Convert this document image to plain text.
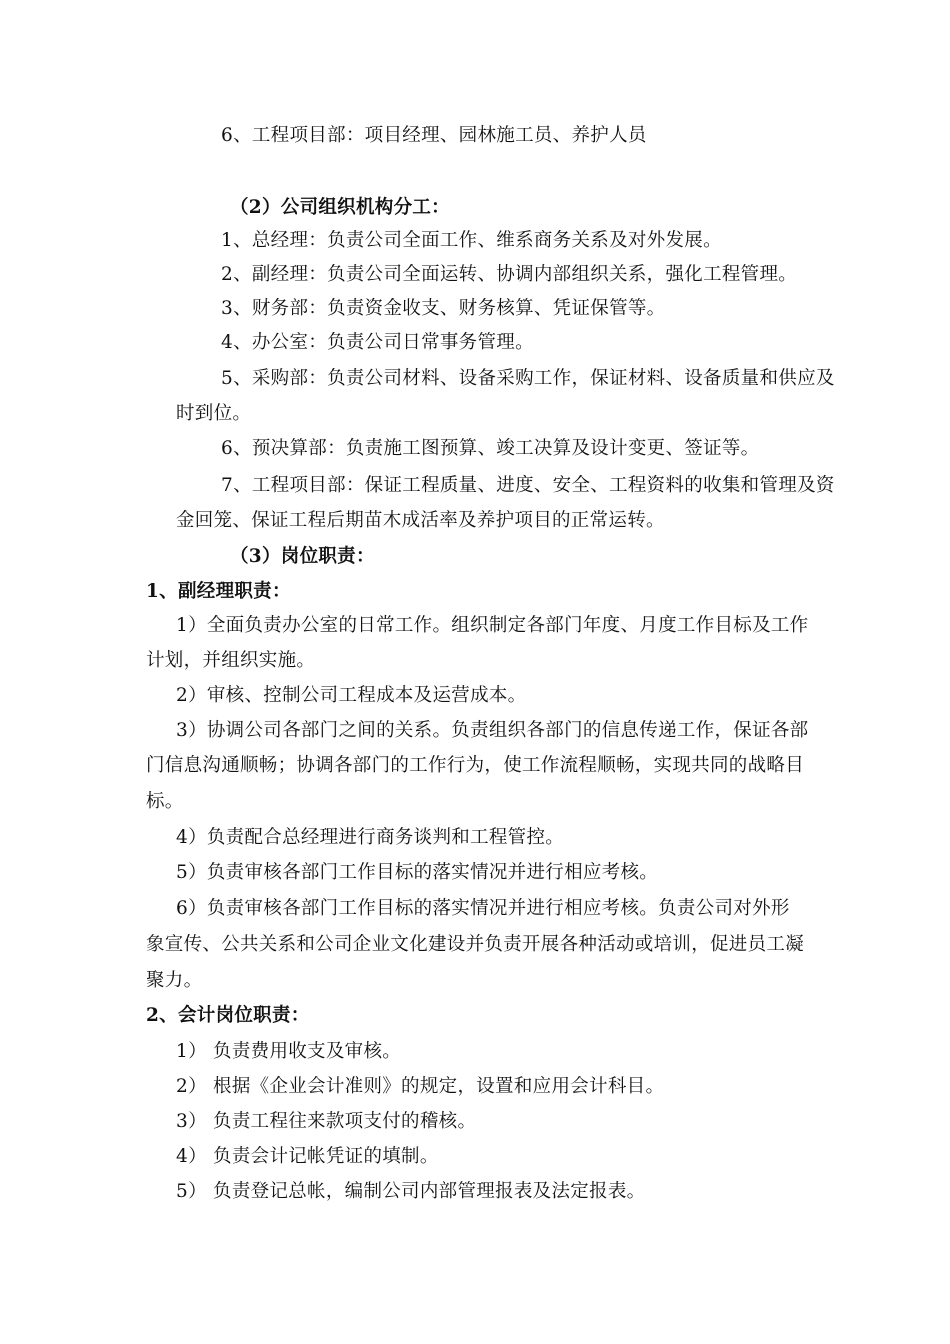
6、工程项目部：项目经理、园林施工员、养护人员
（2）公司组织机构分工：
1、总经理：负责公司全面工作、维系商务关系及对外发展。
2、副经理：负责公司全面运转、协调内部组织关系，强化工程管理。
3、财务部：负责资金收支、财务核算、凭证保管等。
4、办公室：负责公司日常事务管理。
5、采购部：负责公司材料、设备采购工作，保证材料、设备质量和供应及
时到位。
6、预决算部：负责施工图预算、竣工决算及设计变更、签证等。
7、工程项目部：保证工程质量、进度、安全、工程资料的收集和管理及资
金回笼、保证工程后期苗木成活率及养护项目的正常运转。
（3）岗位职责：
1、副经理职责：
1）全面负责办公室的日常工作。组织制定各部门年度、月度工作目标及工作
计划，并组织实施。
2）审核、控制公司工程成本及运营成本。
3）协调公司各部门之间的关系。负责组织各部门的信息传递工作，保证各部
门信息沟通顺畅；协调各部门的工作行为，使工作流程顺畅，实现共同的战略目
标。
4）负责配合总经理进行商务谈判和工程管控。
5）负责审核各部门工作目标的落实情况并进行相应考核。
6）负责审核各部门工作目标的落实情况并进行相应考核。负责公司对外形
象宣传、公共关系和公司企业文化建设并负责开展各种活动或培训，促进员工凝
聚力。
2、会计岗位职责：
1） 负责费用收支及审核。
2） 根据《企业会计准则》的规定，设置和应用会计科目。
3） 负责工程往来款项支付的稽核。
4） 负责会计记帐凭证的填制。
5） 负责登记总帐，编制公司内部管理报表及法定报表。
